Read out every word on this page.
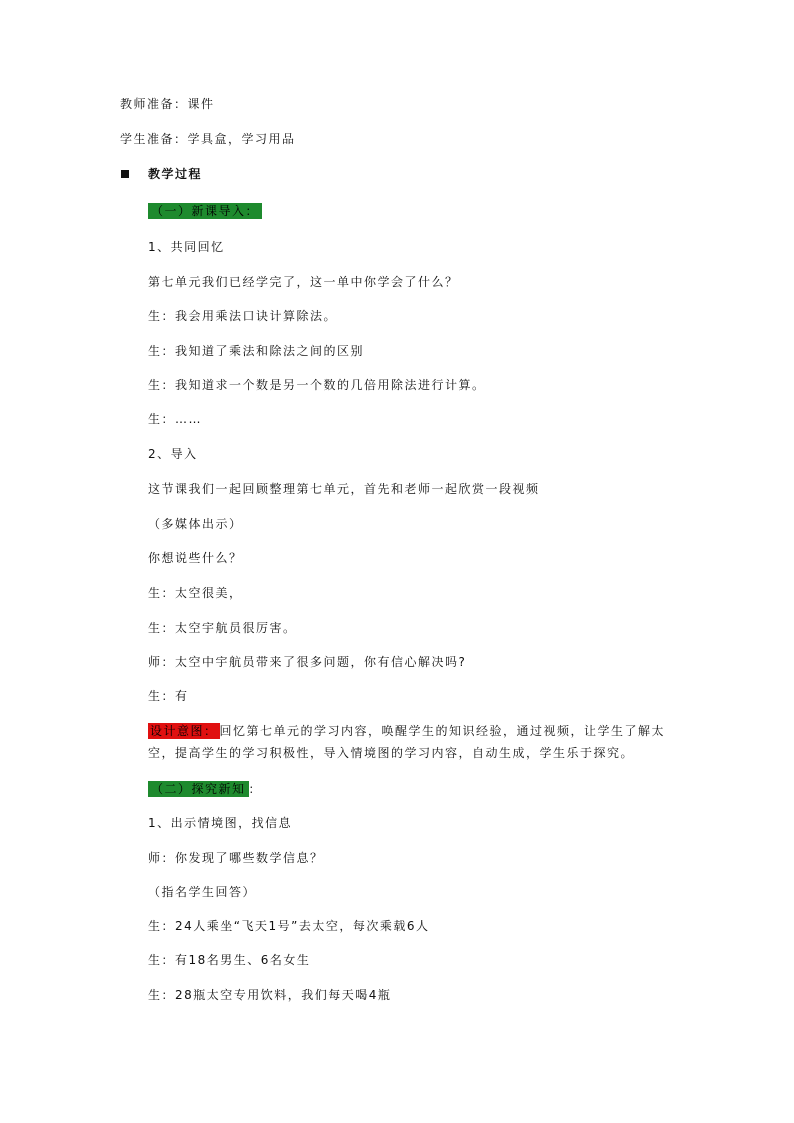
教师准备：课件
学生准备：学具盒，学习用品
教学过程
（一）新课导入：
1、共同回忆
第七单元我们已经学完了，这一单中你学会了什么？
生：我会用乘法口诀计算除法。
生：我知道了乘法和除法之间的区别
生：我知道求一个数是另一个数的几倍用除法进行计算。
生：……
2、导入
这节课我们一起回顾整理第七单元，首先和老师一起欣赏一段视频
（多媒体出示）
你想说些什么？
生：太空很美，
生：太空宇航员很厉害。
师：太空中宇航员带来了很多问题，你有信心解决吗?
生：有
设计意图： 回忆第七单元的学习内容，唤醒学生的知识经验，通过视频，让学生了解太空，提高学生的学习积极性，导入情境图的学习内容，自动生成，学生乐于探究。
（二）探究新知 ：
1、出示情境图，找信息
师：你发现了哪些数学信息？
（指名学生回答）
生：24人乘坐“飞天1号”去太空，每次乘载6人
生：有18名男生、6名女生
生：28瓶太空专用饮料，我们每天喝4瓶
